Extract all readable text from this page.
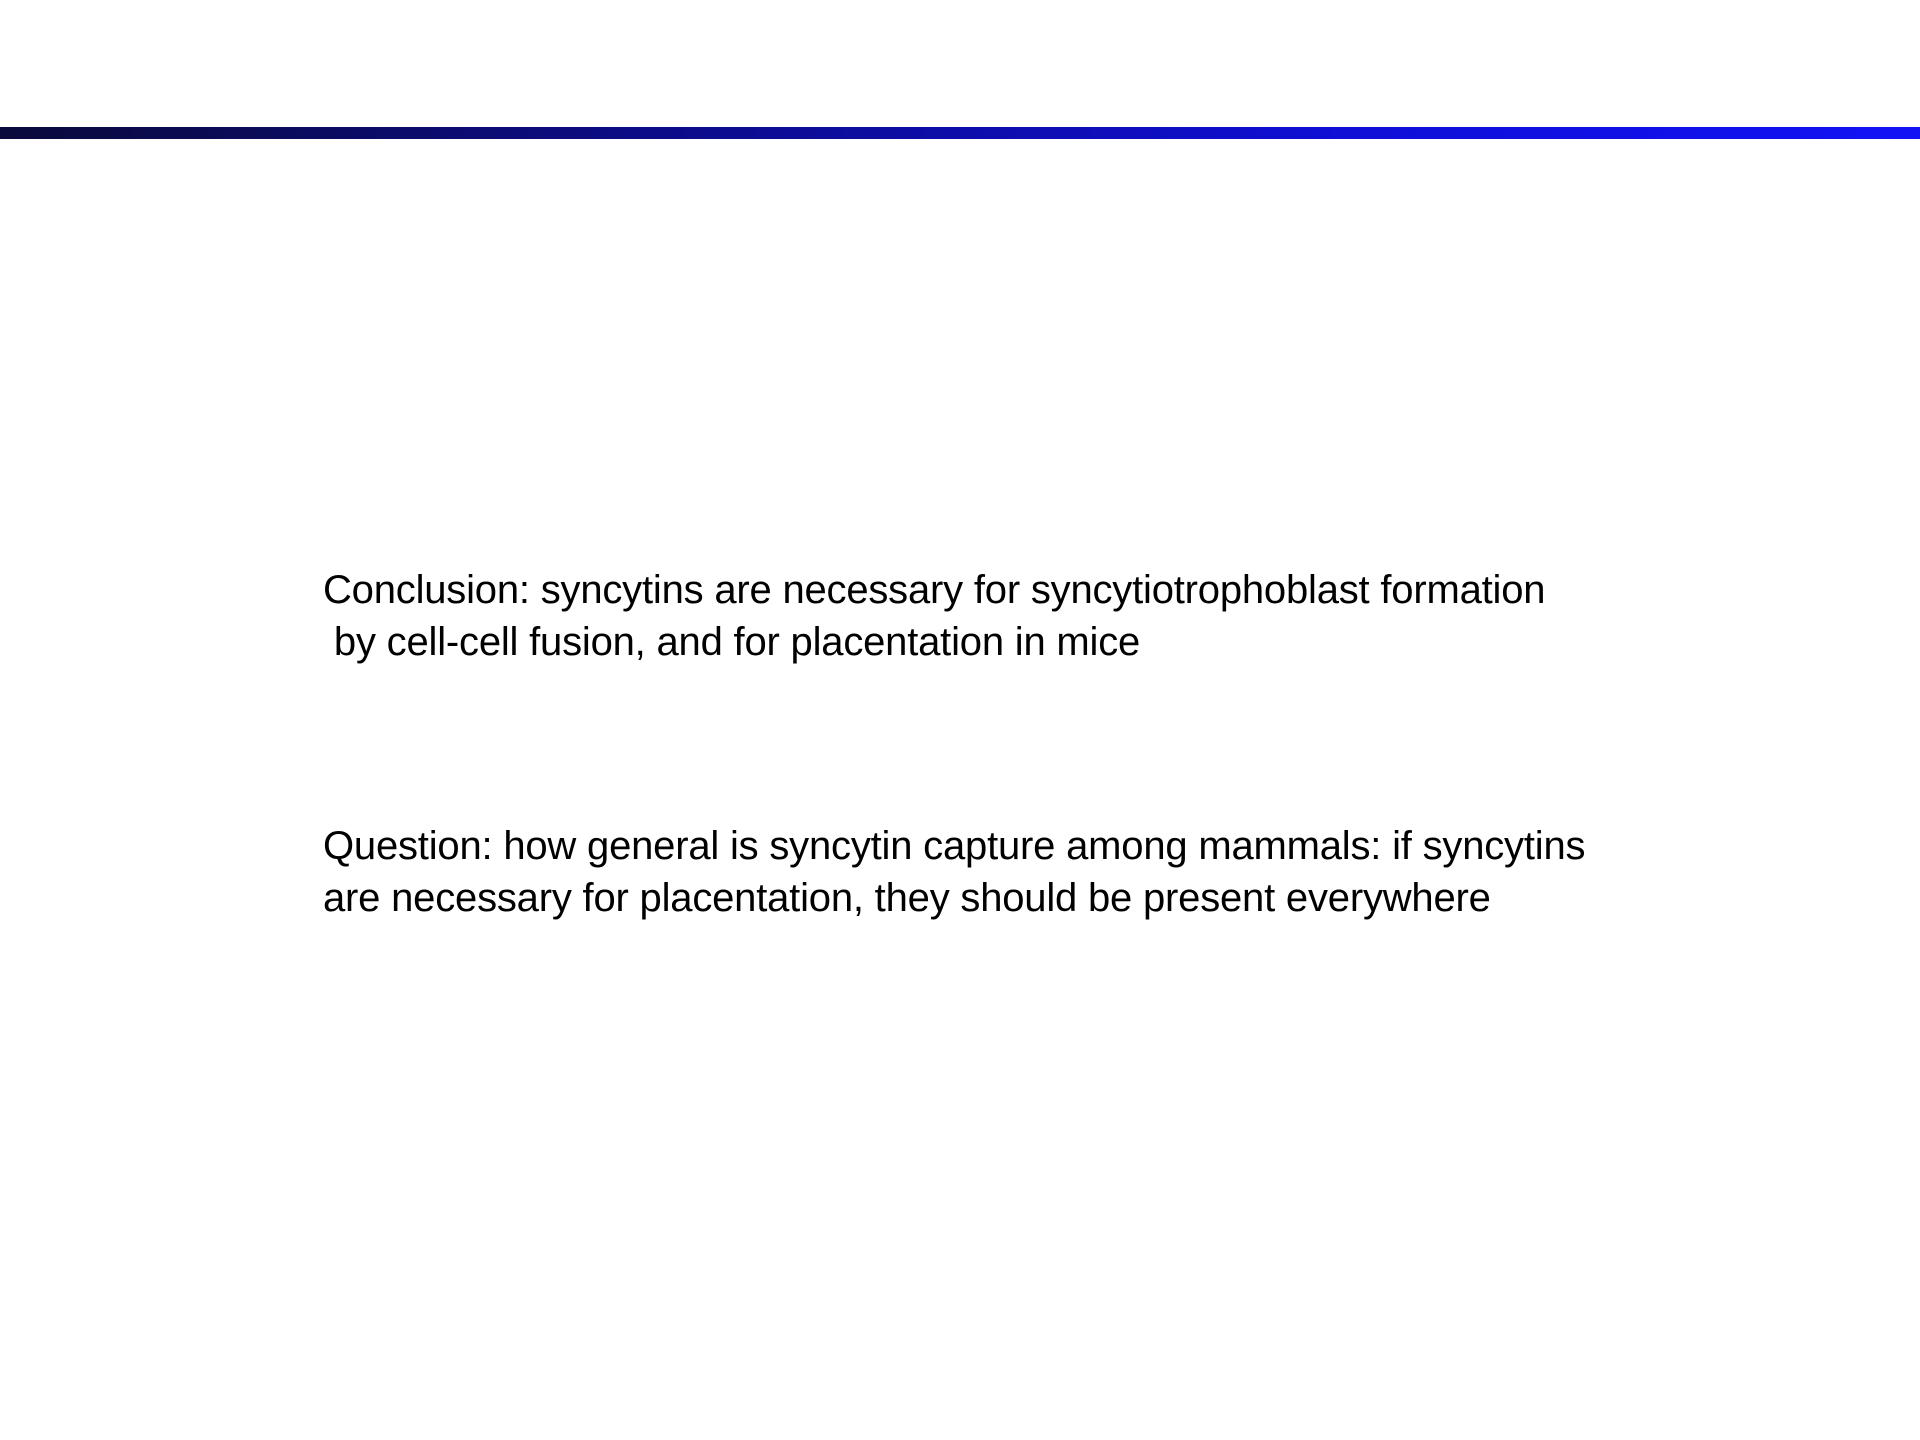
Conclusion: syncytins are necessary for syncytiotrophoblast formation
by cell-cell fusion, and for placentation in mice
Question: how general is syncytin capture among mammals: if syncytins
are necessary for placentation, they should be present everywhere
